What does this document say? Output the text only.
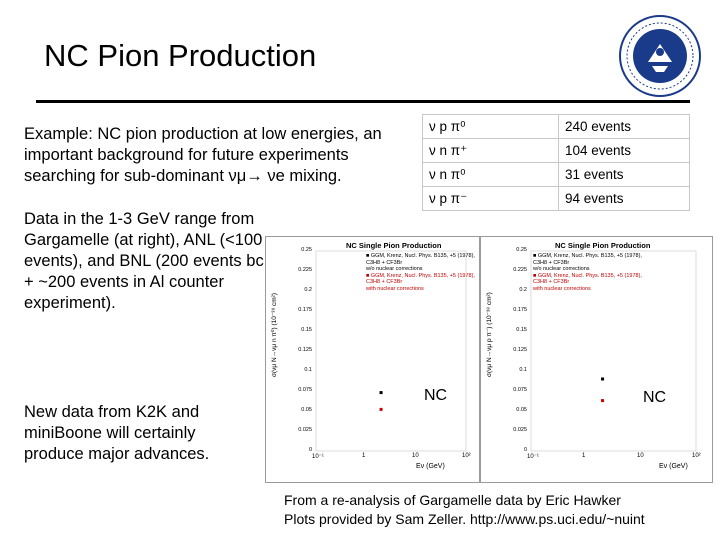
NC Pion Production
Example: NC pion production at low energies, an important background for future experiments searching for sub-dominant νμ→ νe mixing.
Data in the 1-3 GeV range from Gargamelle (at right), ANL (<100 events), and BNL (200 events bc + ~200 events in Al counter experiment).
New data from K2K and miniBoone will certainly produce major advances.
ν p π⁰	240 events
ν n π⁺	104 events
ν n π⁰	31 events
ν p π⁻	94 events
NC Single Pion Production
σ(νμ N→νμ n π⁰) (10⁻³⁸ cm²)
■ GGM, Krenz, Nucl. Phys. B135, +5 (1978), C3H8 + CF3Br
w/o nuclear corrections
■ GGM, Krenz, Nucl. Phys. B135, +5 (1978), C3H8 + CF3Br
with nuclear corrections
0.25
0.225
0.2
0.175
0.15
0.125
0.1
0.075
0.05
0.025
0
10⁻¹	1	10	10²
NC
Eν (GeV)
NC Single Pion Production
σ(νμ N→νμ p π⁻) (10⁻³⁸ cm²)
■ GGM, Krenz, Nucl. Phys. B135, +5 (1978), C3H8 + CF3Br
w/o nuclear corrections
■ GGM, Krenz, Nucl. Phys. B135, +5 (1978), C3H8 + CF3Br
with nuclear corrections
0.25
0.225
0.2
0.175
0.15
0.125
0.1
0.075
0.05
0.025
0
10⁻¹	1	10	10²
NC
Eν (GeV)
From a re-analysis of Gargamelle data by Eric Hawker
Plots provided by Sam Zeller. http://www.ps.uci.edu/~nuint
